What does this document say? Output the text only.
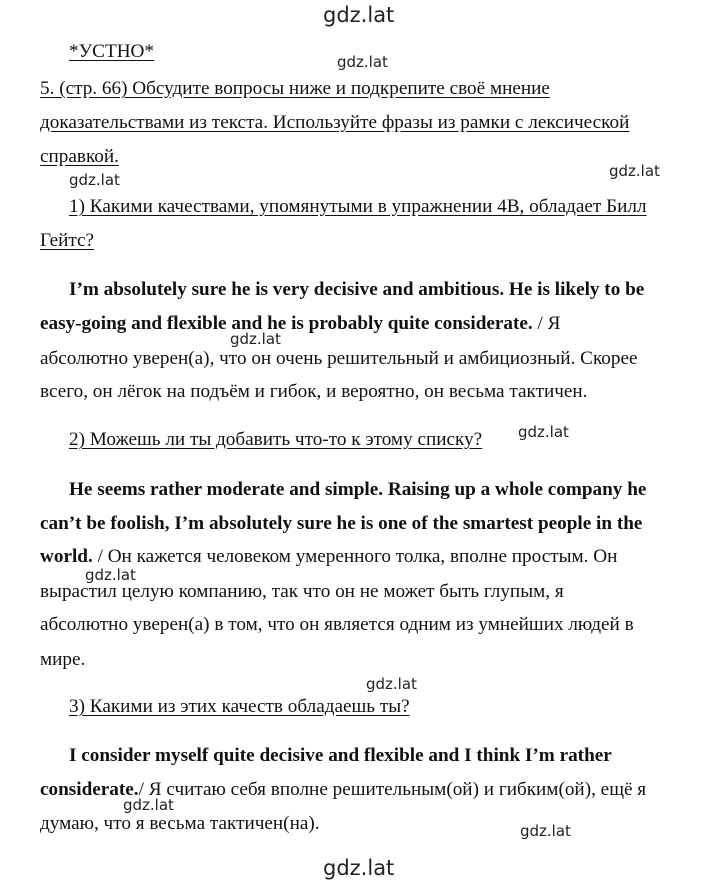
gdz.lat
gdz.lat
gdz.lat
gdz.lat
gdz.lat
gdz.lat
gdz.lat
gdz.lat
gdz.lat
gdz.lat
gdz.lat
*УСТНО*
5. (стр. 66) Обсудите вопросы ниже и подкрепите своё мнение
доказательствами из текста. Используйте фразы из рамки с лексической
справкой.
1) Какими качествами, упомянутыми в упражнении 4В, обладает Билл
Гейтс?
I’m absolutely sure he is very decisive and ambitious. He is likely to be
easy-going and flexible and he is probably quite considerate. / Я
абсолютно уверен(а), что он очень решительный и амбициозный. Скорее
всего, он лёгок на подъём и гибок, и вероятно, он весьма тактичен.
2) Можешь ли ты добавить что-то к этому списку?
He seems rather moderate and simple. Raising up a whole company he
can’t be foolish, I’m absolutely sure he is one of the smartest people in the
world. / Он кажется человеком умеренного толка, вполне простым. Он
вырастил целую компанию, так что он не может быть глупым, я
абсолютно уверен(а) в том, что он является одним из умнейших людей в
мире.
3) Какими из этих качеств обладаешь ты?
I consider myself quite decisive and flexible and I think I’m rather
considerate./ Я считаю себя вполне решительным(ой) и гибким(ой), ещё я
думаю, что я весьма тактичен(на).
